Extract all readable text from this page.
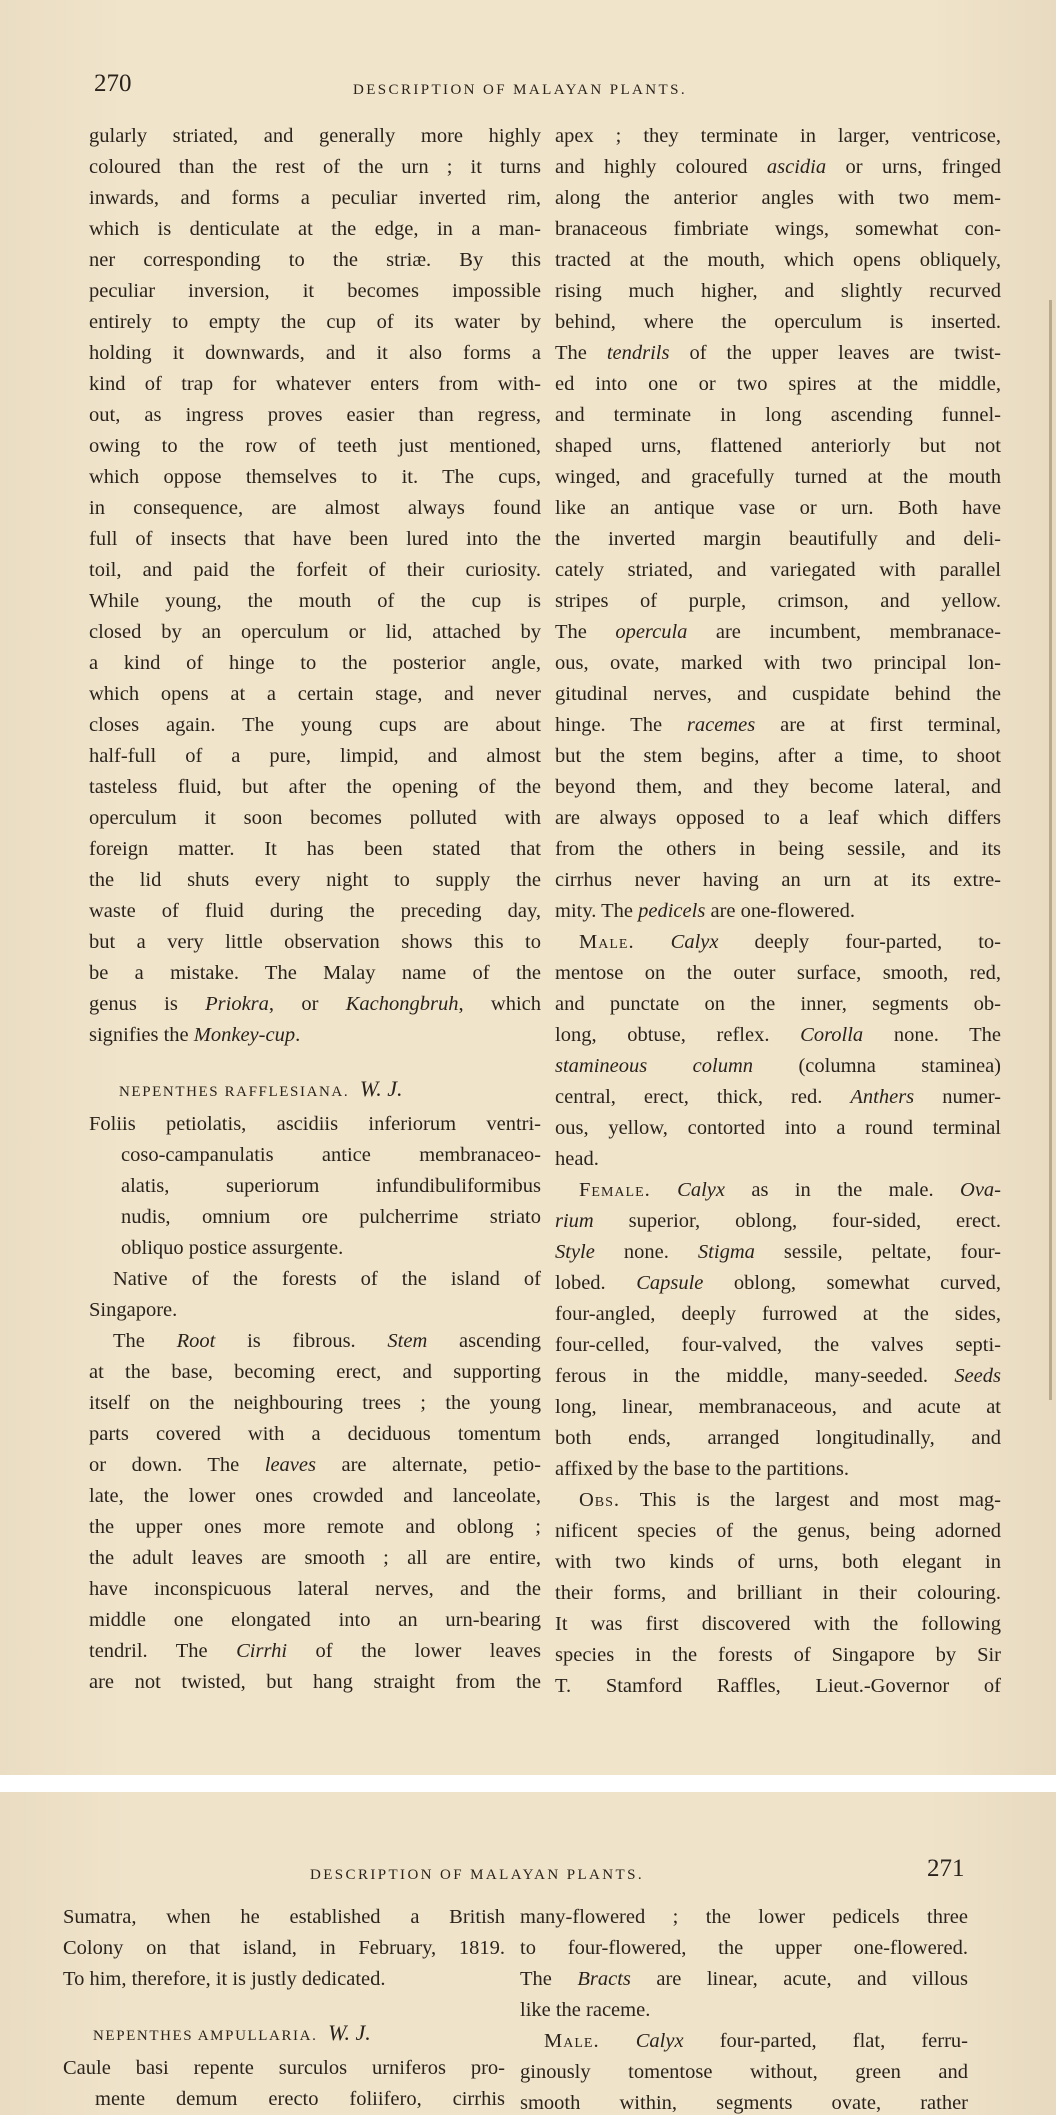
270	DESCRIPTION OF MALAYAN PLANTS.

gularly striated, and generally more highly
coloured than the rest of the urn ; it turns
inwards, and forms a peculiar inverted rim,
which is denticulate at the edge, in a man-
ner corresponding to the striæ. By this
peculiar inversion, it becomes impossible
entirely to empty the cup of its water by
holding it downwards, and it also forms a
kind of trap for whatever enters from with-
out, as ingress proves easier than regress,
owing to the row of teeth just mentioned,
which oppose themselves to it. The cups,
in consequence, are almost always found
full of insects that have been lured into the
toil, and paid the forfeit of their curiosity.
While young, the mouth of the cup is
closed by an operculum or lid, attached by
a kind of hinge to the posterior angle,
which opens at a certain stage, and never
closes again. The young cups are about
half-full of a pure, limpid, and almost
tasteless fluid, but after the opening of the
operculum it soon becomes polluted with
foreign matter. It has been stated that
the lid shuts every night to supply the
waste of fluid during the preceding day,
but a very little observation shows this to
be a mistake. The Malay name of the
genus is Priokra, or Kachongbruh, which
signifies the Monkey-cup.

NEPENTHES RAFFLESIANA. W. J.

Foliis petiolatis, ascidiis inferiorum ventri-
coso-campanulatis antice membranaceo-
alatis, superiorum infundibuliformibus
nudis, omnium ore pulcherrime striato
obliquo postice assurgente.

Native of the forests of the island of
Singapore.

The Root is fibrous. Stem ascending
at the base, becoming erect, and supporting
itself on the neighbouring trees ; the young
parts covered with a deciduous tomentum
or down. The leaves are alternate, petio-
late, the lower ones crowded and lanceolate,
the upper ones more remote and oblong ;
the adult leaves are smooth ; all are entire,
have inconspicuous lateral nerves, and the
middle one elongated into an urn-bearing
tendril. The Cirrhi of the lower leaves
are not twisted, but hang straight from the

apex ; they terminate in larger, ventricose,
and highly coloured ascidia or urns, fringed
along the anterior angles with two mem-
branaceous fimbriate wings, somewhat con-
tracted at the mouth, which opens obliquely,
rising much higher, and slightly recurved
behind, where the operculum is inserted.
The tendrils of the upper leaves are twist-
ed into one or two spires at the middle,
and terminate in long ascending funnel-
shaped urns, flattened anteriorly but not
winged, and gracefully turned at the mouth
like an antique vase or urn. Both have
the inverted margin beautifully and deli-
cately striated, and variegated with parallel
stripes of purple, crimson, and yellow.
The opercula are incumbent, membranace-
ous, ovate, marked with two principal lon-
gitudinal nerves, and cuspidate behind the
hinge. The racemes are at first terminal,
but the stem begins, after a time, to shoot
beyond them, and they become lateral, and
are always opposed to a leaf which differs
from the others in being sessile, and its
cirrhus never having an urn at its extre-
mity. The pedicels are one-flowered.

Male. Calyx deeply four-parted, to-
mentose on the outer surface, smooth, red,
and punctate on the inner, segments ob-
long, obtuse, reflex. Corolla none. The
stamineous column (columna staminea)
central, erect, thick, red. Anthers numer-
ous, yellow, contorted into a round terminal
head.

Female. Calyx as in the male. Ova-
rium superior, oblong, four-sided, erect.
Style none. Stigma sessile, peltate, four-
lobed. Capsule oblong, somewhat curved,
four-angled, deeply furrowed at the sides,
four-celled, four-valved, the valves septi-
ferous in the middle, many-seeded. Seeds
long, linear, membranaceous, and acute at
both ends, arranged longitudinally, and
affixed by the base to the partitions.

Obs. This is the largest and most mag-
nificent species of the genus, being adorned
with two kinds of urns, both elegant in
their forms, and brilliant in their colouring.
It was first discovered with the following
species in the forests of Singapore by Sir
T. Stamford Raffles, Lieut.-Governor of

DESCRIPTION OF MALAYAN PLANTS.	271

Sumatra, when he established a British
Colony on that island, in February, 1819.
To him, therefore, it is justly dedicated.

NEPENTHES AMPULLARIA. W. J.

Caule basi repente surculos urniferos pro-
mente demum erecto foliifero, cirrhis

many-flowered ; the lower pedicels three
to four-flowered, the upper one-flowered.
The Bracts are linear, acute, and villous
like the raceme.

Male. Calyx four-parted, flat, ferru-
ginously tomentose without, green and
smooth within, segments ovate, rather
